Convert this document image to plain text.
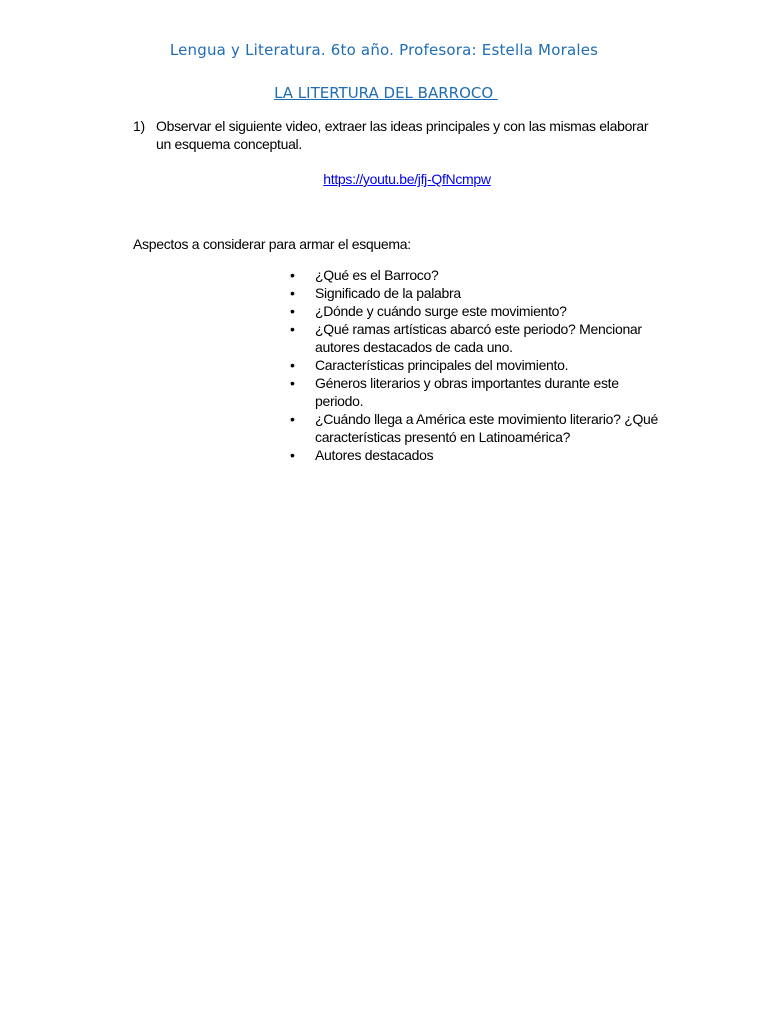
Lengua y Literatura. 6to año. Profesora: Estella Morales
LA LITERTURA DEL BARROCO
1) Observar el siguiente video, extraer las ideas principales y con las mismas elaborar un esquema conceptual.
https://youtu.be/jfj-QfNcmpw
Aspectos a considerar para armar el esquema:
• ¿Qué es el Barroco?
• Significado de la palabra
• ¿Dónde y cuándo surge este movimiento?
• ¿Qué ramas artísticas abarcó este periodo? Mencionar autores destacados de cada uno.
• Características principales del movimiento.
• Géneros literarios y obras importantes durante este periodo.
• ¿Cuándo llega a América este movimiento literario? ¿Qué características presentó en Latinoamérica?
• Autores destacados
